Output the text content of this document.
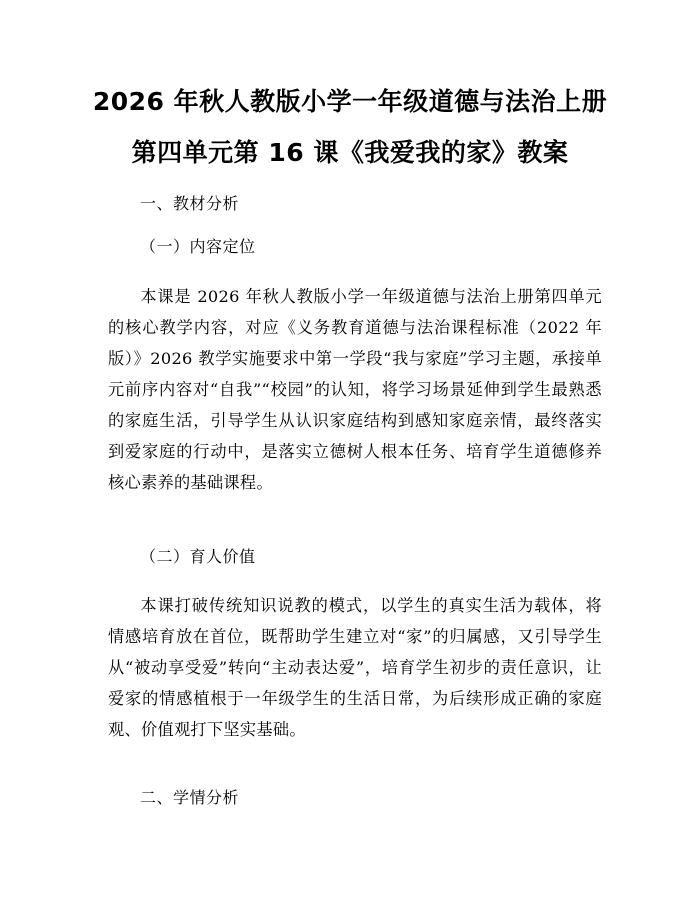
2026 年秋人教版小学一年级道德与法治上册
第四单元第 16 课《我爱我的家》教案

一、教材分析

（一）内容定位

本课是 2026 年秋人教版小学一年级道德与法治上册第四单元的核心教学内容，对应《义务教育道德与法治课程标准（2022 年版）》2026 教学实施要求中第一学段“我与家庭”学习主题，承接单元前序内容对“自我”“校园”的认知，将学习场景延伸到学生最熟悉的家庭生活，引导学生从认识家庭结构到感知家庭亲情，最终落实到爱家庭的行动中，是落实立德树人根本任务、培育学生道德修养核心素养的基础课程。

（二）育人价值

本课打破传统知识说教的模式，以学生的真实生活为载体，将情感培育放在首位，既帮助学生建立对“家”的归属感，又引导学生从“被动享受爱”转向“主动表达爱”，培育学生初步的责任意识，让爱家的情感植根于一年级学生的生活日常，为后续形成正确的家庭观、价值观打下坚实基础。

二、学情分析
